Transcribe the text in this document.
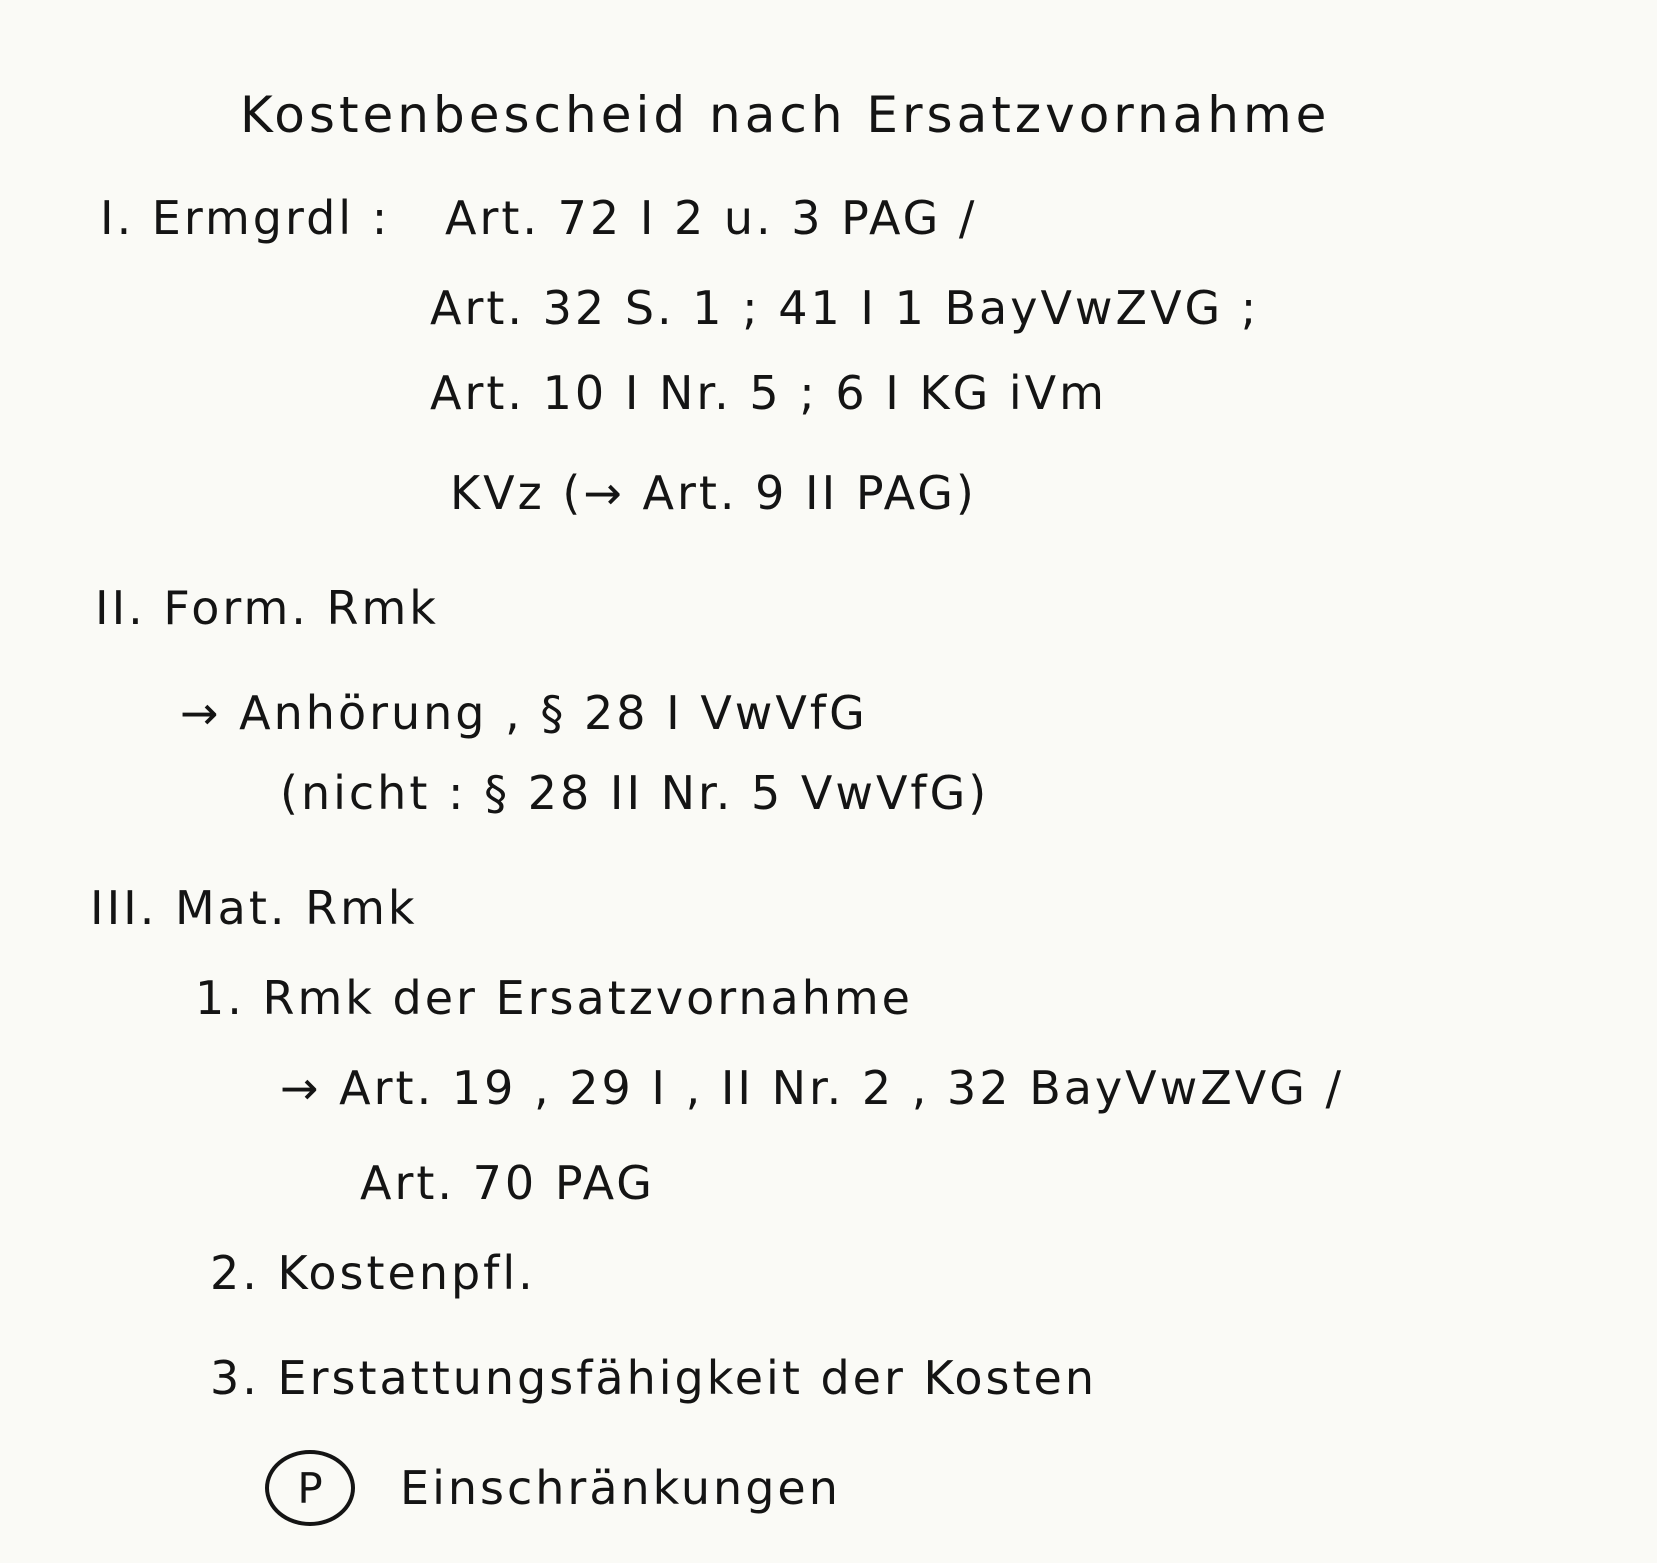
Kostenbescheid nach Ersatzvornahme
I. Ermgrdl : Art. 72 I 2 u. 3 PAG /
Art. 32 S. 1 ; 41 I 1 BayVwZVG ;
Art. 10 I Nr. 5 ; 6 I KG iVm
KVz (→ Art. 9 II PAG)
II. Form. Rmk
→ Anhörung , § 28 I VwVfG
(nicht : § 28 II Nr. 5 VwVfG)
III. Mat. Rmk
1. Rmk der Ersatzvornahme
→ Art. 19 , 29 I , II Nr. 2 , 32 BayVwZVG /
Art. 70 PAG
2. Kostenpfl.
3. Erstattungsfähigkeit der Kosten
P	Einschränkungen
